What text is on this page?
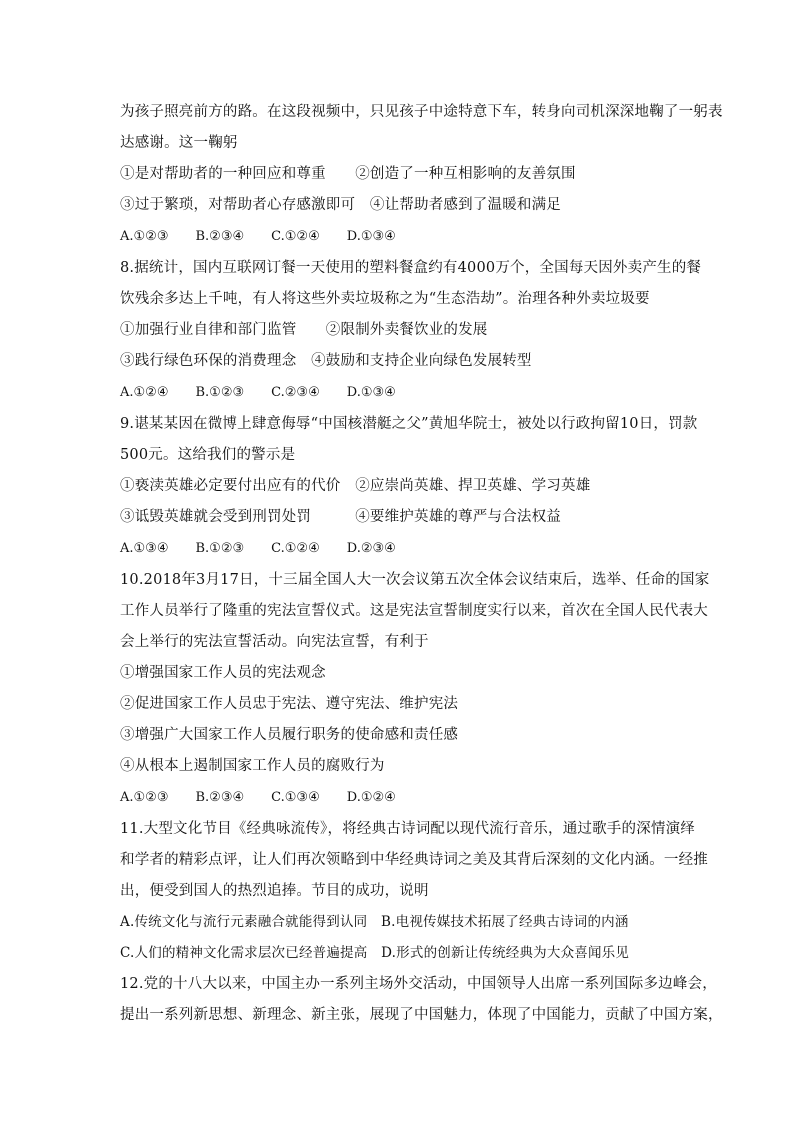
为孩子照亮前方的路。在这段视频中，只见孩子中途特意下车，转身向司机深深地鞠了一躬表
达感谢。这一鞠躬
①是对帮助者的一种回应和尊重　　②创造了一种互相影响的友善氛围
③过于繁琐，对帮助者心存感激即可　④让帮助者感到了温暖和满足
A.①②③ B.②③④ C.①②④ D.①③④
8.据统计，国内互联网订餐一天使用的塑料餐盒约有4000万个，全国每天因外卖产生的餐
饮残余多达上千吨，有人将这些外卖垃圾称之为“生态浩劫”。治理各种外卖垃圾要
①加强行业自律和部门监管　　②限制外卖餐饮业的发展
③践行绿色环保的消费理念　④鼓励和支持企业向绿色发展转型
A.①②④ B.①②③ C.②③④ D.①③④
9.谌某某因在微博上肆意侮辱“中国核潜艇之父”黄旭华院士，被处以行政拘留10日，罚款
500元。这给我们的警示是
①亵渎英雄必定要付出应有的代价　②应崇尚英雄、捍卫英雄、学习英雄
③诋毁英雄就会受到刑罚处罚　　　④要维护英雄的尊严与合法权益
A.①③④ B.①②③ C.①②④ D.②③④
10.2018年3月17日，十三届全国人大一次会议第五次全体会议结束后，选举、任命的国家
工作人员举行了隆重的宪法宣誓仪式。这是宪法宣誓制度实行以来，首次在全国人民代表大
会上举行的宪法宣誓活动。向宪法宣誓，有利于
①增强国家工作人员的宪法观念
②促进国家工作人员忠于宪法、遵守宪法、维护宪法
③增强广大国家工作人员履行职务的使命感和责任感
④从根本上遏制国家工作人员的腐败行为
A.①②③ B.②③④ C.①③④ D.①②④
11.大型文化节目《经典咏流传》，将经典古诗词配以现代流行音乐，通过歌手的深情演绎
和学者的精彩点评，让人们再次领略到中华经典诗词之美及其背后深刻的文化内涵。一经推
出，便受到国人的热烈追捧。节目的成功，说明
A.传统文化与流行元素融合就能得到认同　B.电视传媒技术拓展了经典古诗词的内涵
C.人们的精神文化需求层次已经普遍提高　D.形式的创新让传统经典为大众喜闻乐见
12.党的十八大以来，中国主办一系列主场外交活动，中国领导人出席一系列国际多边峰会，
提出一系列新思想、新理念、新主张，展现了中国魅力，体现了中国能力，贡献了中国方案，
